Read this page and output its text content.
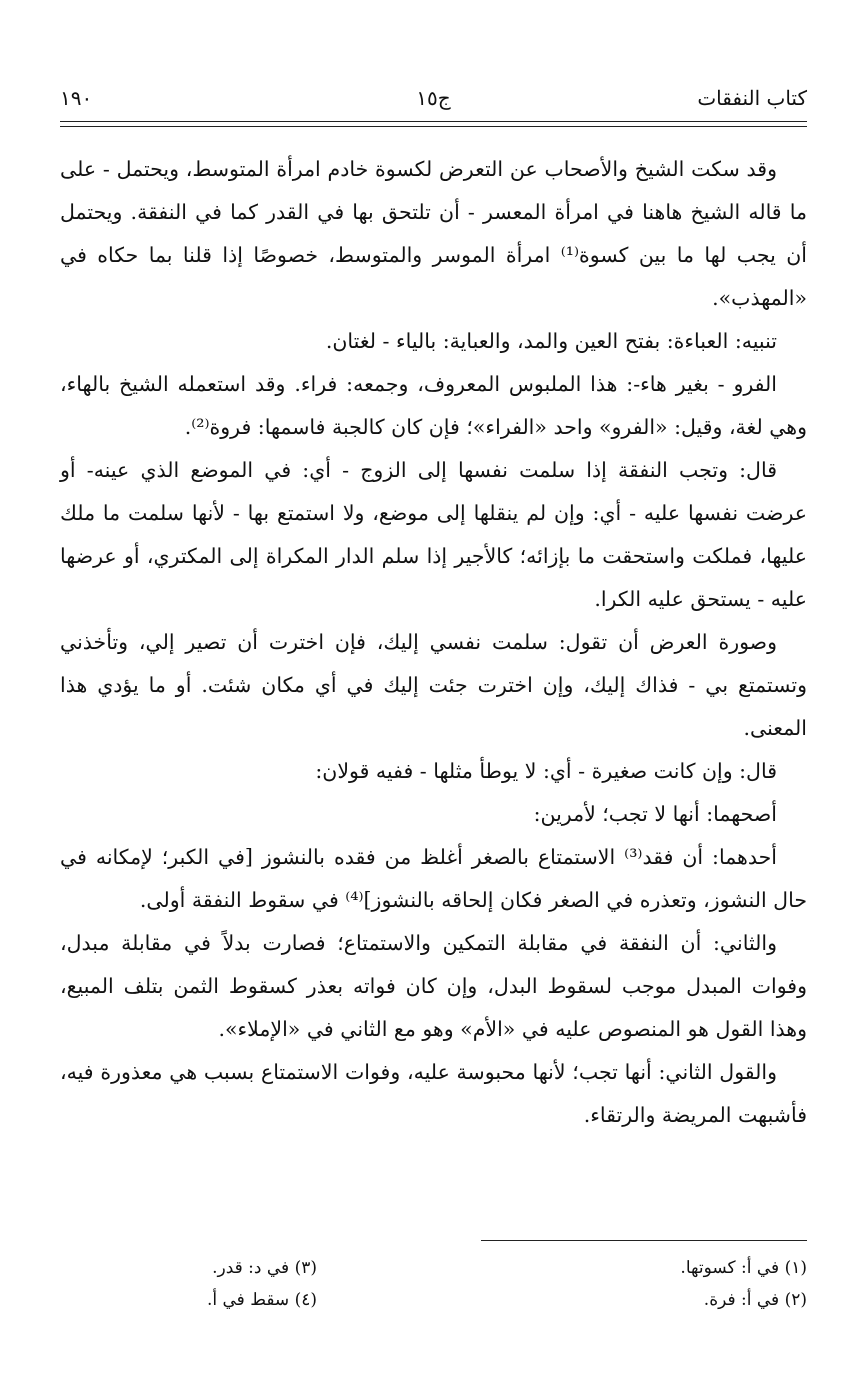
١٩٠	ج١٥	كتاب النفقات

وقد سكت الشيخ والأصحاب عن التعرض لكسوة خادم امرأة المتوسط، ويحتمل - على ما قاله الشيخ هاهنا في امرأة المعسر - أن تلتحق بها في القدر كما في النفقة. ويحتمل أن يجب لها ما بين كسوة⁽¹⁾ امرأة الموسر والمتوسط، خصوصًا إذا قلنا بما حكاه في «المهذب».

تنبيه: العباءة: بفتح العين والمد، والعباية: بالياء - لغتان.

الفرو - بغير هاء-: هذا الملبوس المعروف، وجمعه: فراء. وقد استعمله الشيخ بالهاء، وهي لغة، وقيل: «الفرو» واحد «الفراء»؛ فإن كان كالجبة فاسمها: فروة⁽²⁾.

قال: وتجب النفقة إذا سلمت نفسها إلى الزوج - أي: في الموضع الذي عينه- أو عرضت نفسها عليه - أي: وإن لم ينقلها إلى موضع، ولا استمتع بها - لأنها سلمت ما ملك عليها، فملكت واستحقت ما بإزائه؛ كالأجير إذا سلم الدار المكراة إلى المكتري، أو عرضها عليه - يستحق عليه الكرا.

وصورة العرض أن تقول: سلمت نفسي إليك، فإن اخترت أن تصير إلي، وتأخذني وتستمتع بي - فذاك إليك، وإن اخترت جئت إليك في أي مكان شئت. أو ما يؤدي هذا المعنى.

قال: وإن كانت صغيرة - أي: لا يوطأ مثلها - ففيه قولان:

أصحهما: أنها لا تجب؛ لأمرين:

أحدهما: أن فقد⁽³⁾ الاستمتاع بالصغر أغلظ من فقده بالنشوز [في الكبر؛ لإمكانه في حال النشوز، وتعذره في الصغر فكان إلحاقه بالنشوز]⁽⁴⁾ في سقوط النفقة أولى.

والثاني: أن النفقة في مقابلة التمكين والاستمتاع؛ فصارت بدلاً في مقابلة مبدل، وفوات المبدل موجب لسقوط البدل، وإن كان فواته بعذر كسقوط الثمن بتلف المبيع، وهذا القول هو المنصوص عليه في «الأم» وهو مع الثاني في «الإملاء».

والقول الثاني: أنها تجب؛ لأنها محبوسة عليه، وفوات الاستمتاع بسبب هي معذورة فيه، فأشبهت المريضة والرتقاء.

(١) في أ: كسوتها.
(٢) في أ: فرة.
(٣) في د: قدر.
(٤) سقط في أ.
